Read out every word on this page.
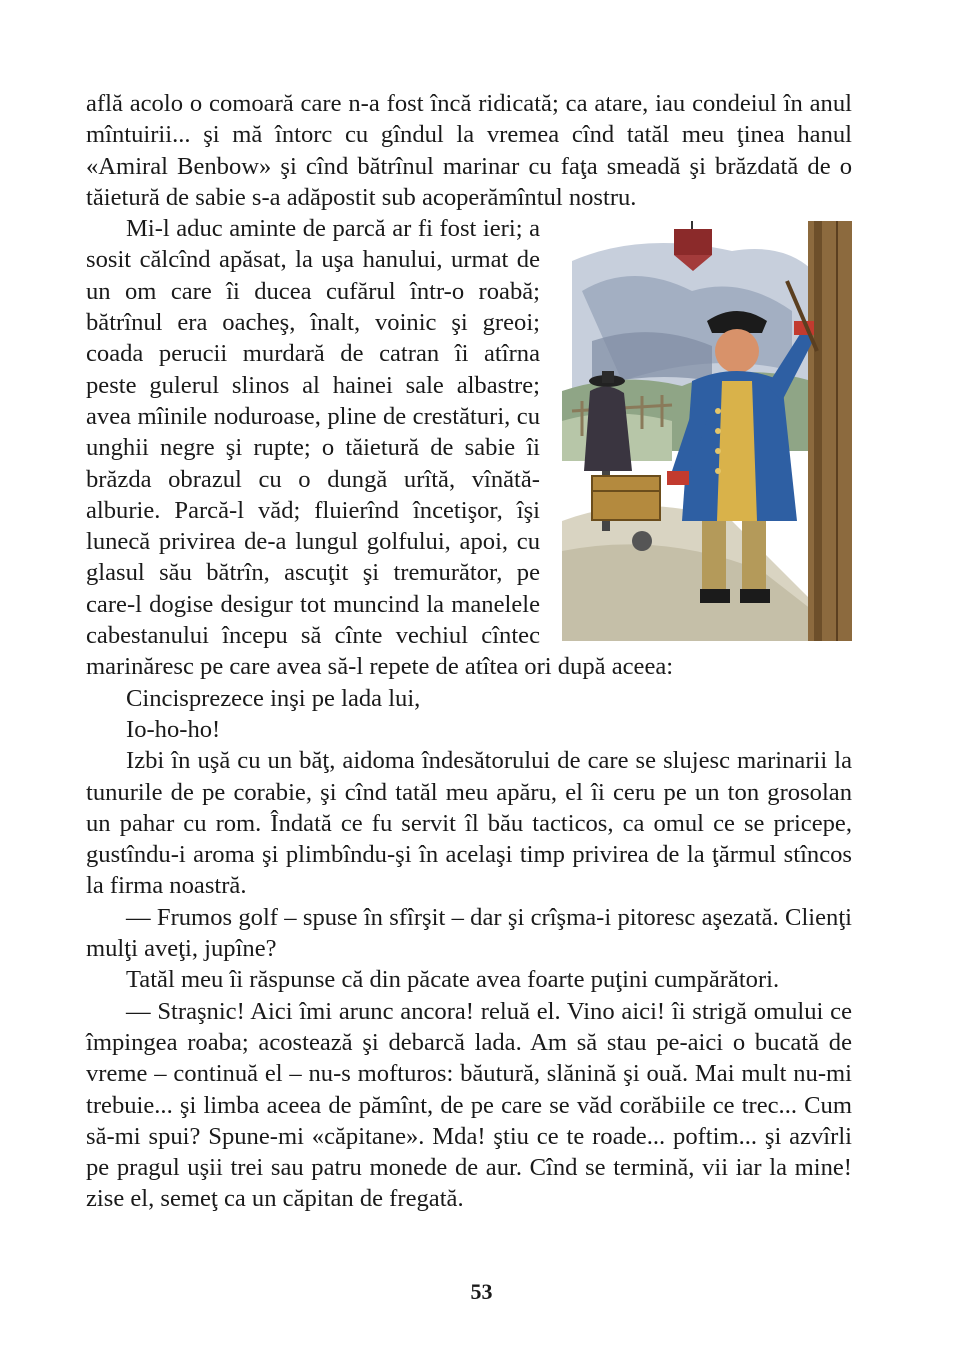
află acolo o comoară care n-a fost încă ridicată; ca atare, iau condeiul în anul mîntuirii... şi mă întorc cu gîndul la vremea cînd tatăl meu ţinea hanul «Amiral Benbow» şi cînd bătrînul marinar cu faţa smeadă şi brăzdată de o tăietură de sabie s-a adăpostit sub acoperămîntul nostru.

Mi-l aduc aminte de parcă ar fi fost ieri; a sosit călcînd apăsat, la uşa hanului, urmat de un om care îi ducea cufărul într-o roabă; bătrînul era oacheş, înalt, voinic şi greoi; coada perucii murdară de catran îi atîrna peste gulerul slinos al hainei sale albastre; avea mîinile noduroase, pline de crestături, cu unghii negre şi rupte; o tăietură de sabie îi brăzda obrazul cu o dungă urîtă, vînătă-alburie. Parcă-l văd; fluierînd încetişor, îşi lunecă privirea de-a lungul golfului, apoi, cu glasul său bătrîn, ascuţit şi tremurător, pe care-l dogise desigur tot muncind la manelele cabestanului începu să cînte vechiul cîntec marinăresc pe care avea să-l repete de atîtea ori după aceea:

Cincisprezece inşi pe lada lui,

Io-ho-ho!

Izbi în uşă cu un băţ, aidoma îndesătorului de care se slujesc marinarii la tunurile de pe corabie, şi cînd tatăl meu apăru, el îi ceru pe un ton grosolan un pahar cu rom. Îndată ce fu servit îl bău tacticos, ca omul ce se pricepe, gustîndu-i aroma şi plimbîndu-şi în acelaşi timp privirea de la ţărmul stîncos la firma noastră.

— Frumos golf – spuse în sfîrşit – dar şi crîşma-i pitoresc aşezată. Clienţi mulţi aveţi, jupîne?

Tatăl meu îi răspunse că din păcate avea foarte puţini cumpărători.

— Straşnic! Aici îmi arunc ancora! reluă el. Vino aici! îi strigă omului ce împingea roaba; acostează şi debarcă lada. Am să stau pe-aici o bucată de vreme – continuă el – nu-s mofturos: băutură, slănină şi ouă. Mai mult nu-mi trebuie... şi limba aceea de pămînt, de pe care se văd corăbiile ce trec... Cum să-mi spui? Spune-mi «căpitane». Mda! ştiu ce te roade... poftim... şi azvîrli pe pragul uşii trei sau patru monede de aur. Cînd se termină, vii iar la mine! zise el, semeţ ca un căpitan de fregată.

53
